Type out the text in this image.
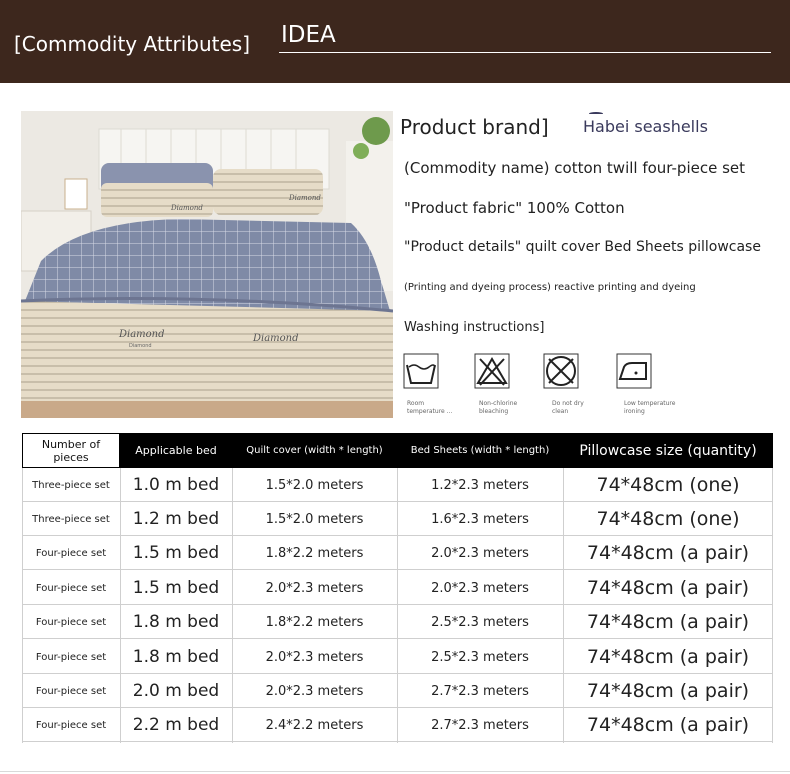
[Commodity Attributes] IDEA
Diamond
Diamond
Diamond
Diamond
Diamond
Product brand] Habei seashells
(Commodity name) cotton twill four-piece set
"Product fabric" 100% Cotton
"Product details" quilt cover Bed Sheets pillowcase
(Printing and dyeing process) reactive printing and dyeing
Washing instructions]
Room
temperature ...
Non-chlorine
bleaching
Do not dry
clean
Low temperature
ironing
Number of pieces	Applicable bed	Quilt cover (width * length)	Bed Sheets (width * length)	Pillowcase size (quantity)
Three-piece set	1.0 m bed	1.5*2.0 meters	1.2*2.3 meters	74*48cm (one)
Three-piece set	1.2 m bed	1.5*2.0 meters	1.6*2.3 meters	74*48cm (one)
Four-piece set	1.5 m bed	1.8*2.2 meters	2.0*2.3 meters	74*48cm (a pair)
Four-piece set	1.5 m bed	2.0*2.3 meters	2.0*2.3 meters	74*48cm (a pair)
Four-piece set	1.8 m bed	1.8*2.2 meters	2.5*2.3 meters	74*48cm (a pair)
Four-piece set	1.8 m bed	2.0*2.3 meters	2.5*2.3 meters	74*48cm (a pair)
Four-piece set	2.0 m bed	2.0*2.3 meters	2.7*2.3 meters	74*48cm (a pair)
Four-piece set	2.2 m bed	2.4*2.2 meters	2.7*2.3 meters	74*48cm (a pair)
